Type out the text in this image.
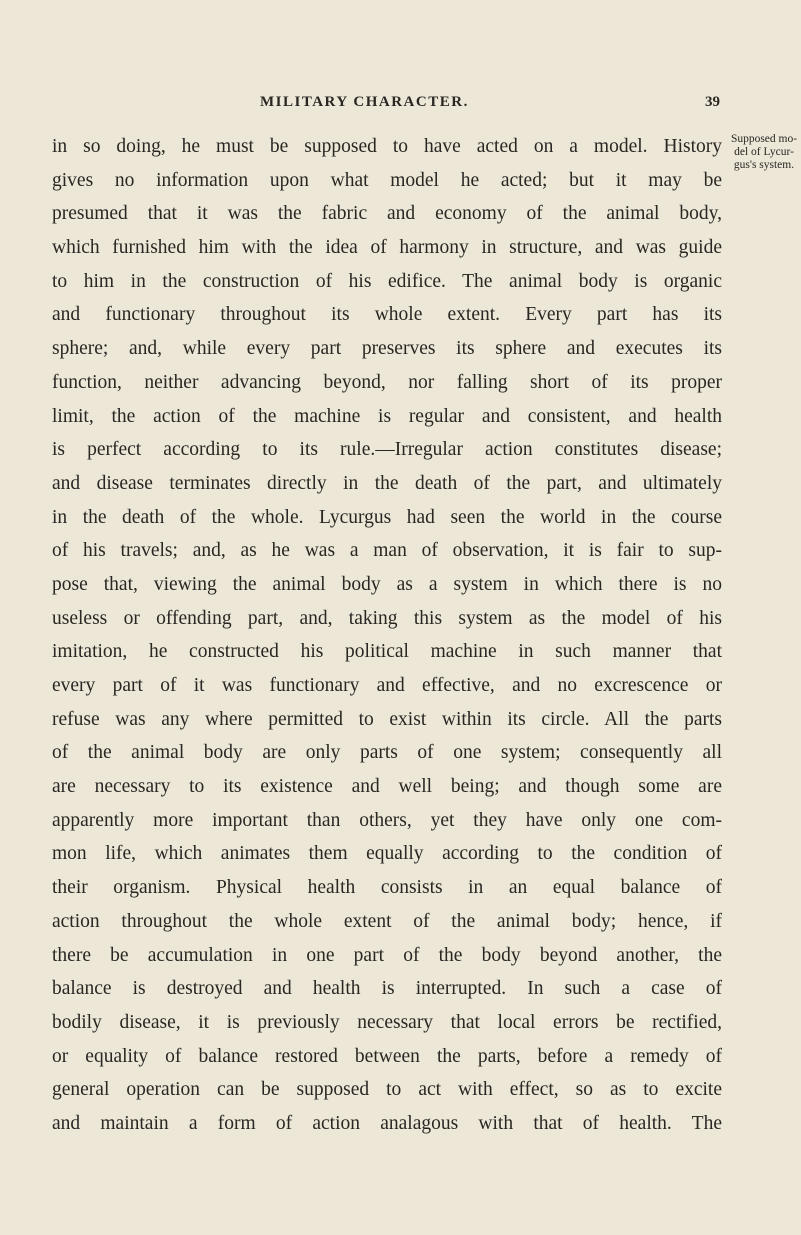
MILITARY CHARACTER.	39
Supposed mo-
del of Lycur-
gus's system.
in so doing, he must be supposed to have acted on a model. History
gives no information upon what model he acted; but it may be
presumed that it was the fabric and economy of the animal body,
which furnished him with the idea of harmony in structure, and was guide
to him in the construction of his edifice. The animal body is organic
and functionary throughout its whole extent. Every part has its
sphere; and, while every part preserves its sphere and executes its
function, neither advancing beyond, nor falling short of its proper
limit, the action of the machine is regular and consistent, and health
is perfect according to its rule.—Irregular action constitutes disease;
and disease terminates directly in the death of the part, and ultimately
in the death of the whole. Lycurgus had seen the world in the course
of his travels; and, as he was a man of observation, it is fair to sup-
pose that, viewing the animal body as a system in which there is no
useless or offending part, and, taking this system as the model of his
imitation, he constructed his political machine in such manner that
every part of it was functionary and effective, and no excrescence or
refuse was any where permitted to exist within its circle. All the parts
of the animal body are only parts of one system; consequently all
are necessary to its existence and well being; and though some are
apparently more important than others, yet they have only one com-
mon life, which animates them equally according to the condition of
their organism. Physical health consists in an equal balance of
action throughout the whole extent of the animal body; hence, if
there be accumulation in one part of the body beyond another, the
balance is destroyed and health is interrupted. In such a case of
bodily disease, it is previously necessary that local errors be rectified,
or equality of balance restored between the parts, before a remedy of
general operation can be supposed to act with effect, so as to excite
and maintain a form of action analagous with that of health. The
